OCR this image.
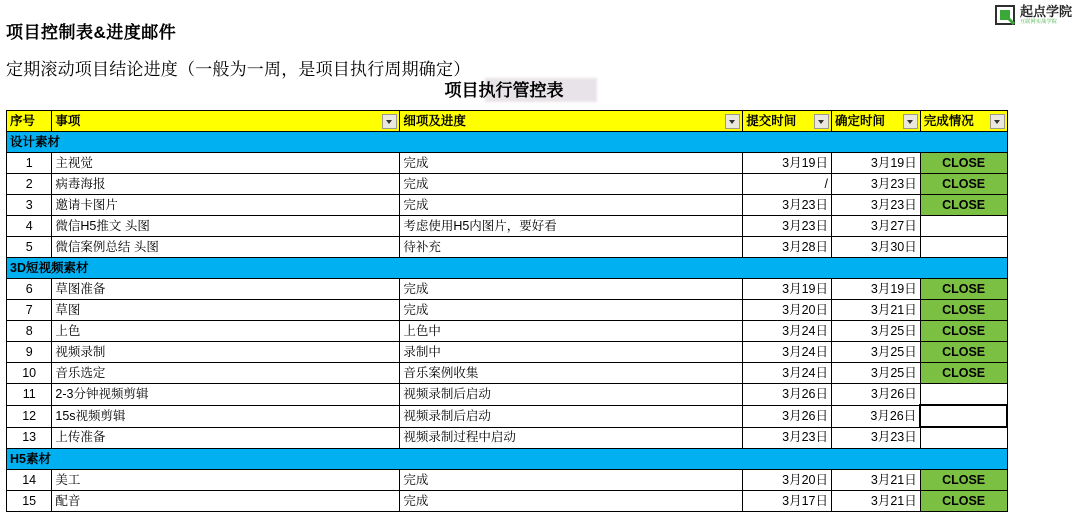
项目控制表&进度邮件
定期滚动项目结论进度（一般为一周，是项目执行周期确定）
起点学院
互联网实战学院
项目执行管控表
序号	事项	细项及进度	提交时间	确定时间	完成情况

设计素材					
1	主视觉	完成	3月19日	3月19日	CLOSE
2	病毒海报	完成	/	3月23日	CLOSE
3	邀请卡图片	完成	3月23日	3月23日	CLOSE
4	微信H5推文 头图	考虑使用H5内图片，要好看	3月23日	3月27日	
5	微信案例总结 头图	待补充	3月28日	3月30日	
3D短视频素材					
6	草图准备	完成	3月19日	3月19日	CLOSE
7	草图	完成	3月20日	3月21日	CLOSE
8	上色	上色中	3月24日	3月25日	CLOSE
9	视频录制	录制中	3月24日	3月25日	CLOSE
10	音乐选定	音乐案例收集	3月24日	3月25日	CLOSE
11	2-3分钟视频剪辑	视频录制后启动	3月26日	3月26日	
12	15s视频剪辑	视频录制后启动	3月26日	3月26日	
13	上传准备	视频录制过程中启动	3月23日	3月23日	
H5素材					
14	美工	完成	3月20日	3月21日	CLOSE
15	配音	完成	3月17日	3月21日	CLOSE
